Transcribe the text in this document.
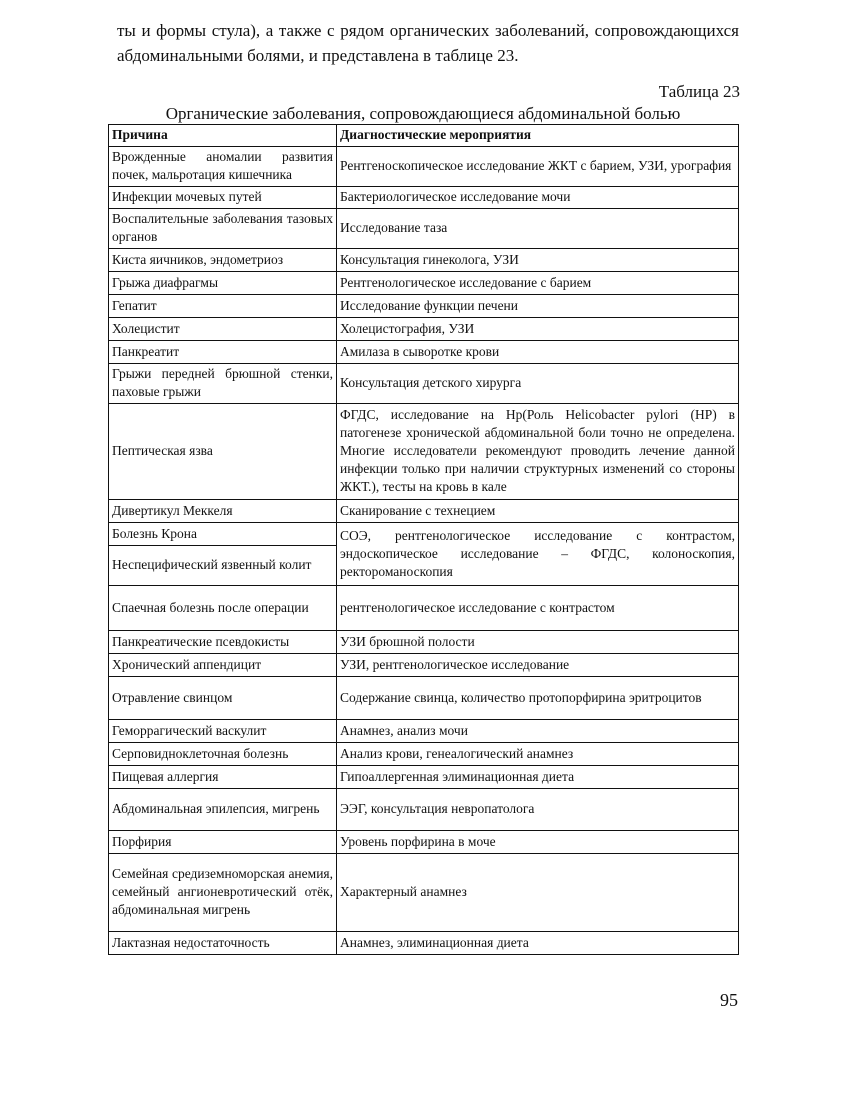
ты и формы стула), а также с рядом органических заболеваний, сопровождающихся абдоминальными болями, и представлена в таблице 23.
Таблица 23
Органические заболевания, сопровождающиеся абдоминальной болью
Причина	Диагностические мероприятия
Врожденные аномалии развития почек, мальротация кишечника	Рентгеноскопическое исследование ЖКТ с барием, УЗИ, урография
Инфекции мочевых путей	Бактериологическое исследование мочи
Воспалительные заболевания тазовых органов	Исследование таза
Киста яичников, эндометриоз	Консультация гинеколога, УЗИ
Грыжа диафрагмы	Рентгенологическое исследование с барием
Гепатит	Исследование функции печени
Холецистит	Холецистография, УЗИ
Панкреатит	Амилаза в сыворотке крови
Грыжи передней брюшной стенки, паховые грыжи	Консультация детского хирурга
Пептическая язва	ФГДС, исследование на Hp(Роль Helicobacter pylori (HP) в патогенезе хронической абдоминальной боли точно не определена. Многие исследователи рекомендуют проводить лечение данной инфекции только при наличии структурных изменений со стороны ЖКТ.), тесты на кровь в кале
Дивертикул Меккеля	Сканирование с технецием
Болезнь Крона	СОЭ, рентгенологическое исследование с контрастом, эндоскопическое исследование – ФГДС, колоноскопия, ректороманоскопия
Неспецифический язвенный колит	
Спаечная болезнь после операции	рентгенологическое исследование с контрастом
Панкреатические псевдокисты	УЗИ брюшной полости
Хронический аппендицит	УЗИ, рентгенологическое исследование
Отравление свинцом	Содержание свинца, количество протопорфирина эритроцитов
Геморрагический васкулит	Анамнез, анализ мочи
Серповидноклеточная болезнь	Анализ крови, генеалогический анамнез
Пищевая аллергия	Гипоаллергенная элиминационная диета
Абдоминальная эпилепсия, мигрень	ЭЭГ, консультация невропатолога
Порфирия	Уровень порфирина в моче
Семейная средиземноморская анемия, семейный ангионевротический отёк, абдоминальная мигрень	Характерный анамнез
Лактазная недостаточность	Анамнез, элиминационная диета
95
